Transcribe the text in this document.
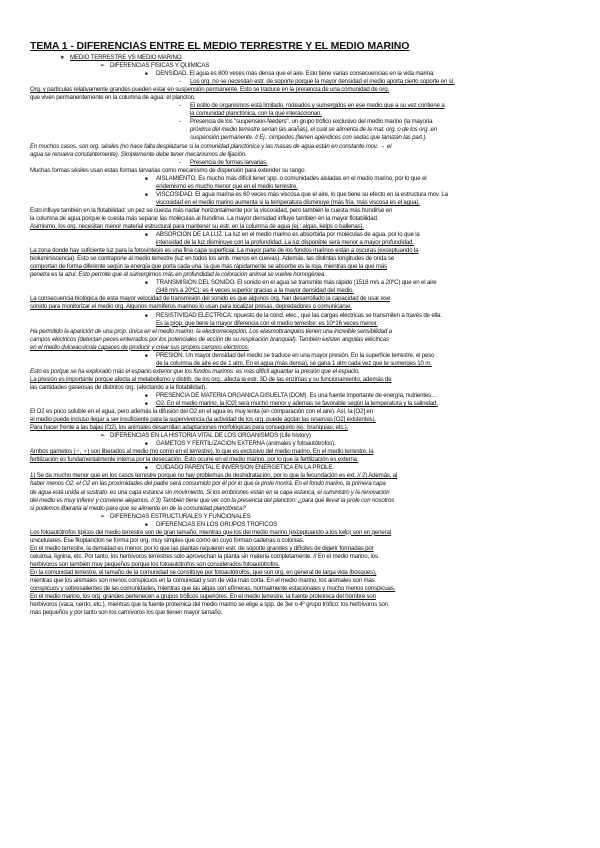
TEMA 1 - DIFERENCIAS ENTRE EL MEDIO TERRESTRE Y EL MEDIO MARINO
❖ MEDIO TERRESTRE VS MEDIO MARINO
➢ DIFERENCIAS FÍSICAS Y QUÍMICAS
■ DENSIDAD. El agua es 800 veces más densa que el aire. Esto tiene varias consecuencias en la vida marina:
- Los org. no se necesitan estr. de soporte porque la mayor densidad el medio aporta cierto soporte en sí.
Org. y partículas relativamente grandes pueden estar en suspensión permanente. Esto se traduce en la presencia de una comunidad de org.
que viven permanentemente en la columna de agua: el plancton.
- El estilo de organismos está limitado, rodeados y sumergidos en ese medio que a su vez contiene a
la comunidad planctónica, con la que interaccionan.
- Presencia de los "suspension-feeders", un grupo trófico exclusivo del medio marino (la mayoría
próxima del medio terrestre serían las arañas), el cual se alimenta de la mat. org. o de los org. en
suspensión permanente. // Ej.: cirripedos (tienen apéndices con sedas que tamizan las part.).
En muchos casos, son org. sésiles (no hace falta desplazarse si la comunidad planctónica y las masas de agua están en constante mov. → el
agua se renueva constantemente). Simplemente debe tener mecanismos de fijación.
- Presencia de formas larvarias.
Muchas formas sésiles usan estas formas larvarias como mecanismo de dispersión para extender su rango.
■ AISLAMIENTO. Es mucho más difícil tener spp. o comunidades aisladas en el medio marino, por lo que el
endemismo es mucho menor que en el medio terrestre.
■ VISCOSIDAD. El agua marina es 60 veces más viscosa que el aire, lo que tiene su efecto en la estructura mov. La
viscosidad en el medio marino aumenta si la temperatura disminuye (más fría, más viscosa es el agua).
Esto influye también en la flotabilidad: un pez se cuesta más nadar horizontalmente por la viscosidad, pero también le cuesta más hundirse en
la columna de agua porque le cuesta más separar las moléculas al hundirse. La mayor densidad influye también en la mayor flotabilidad.
Asimismo, los org. necesitan menor material estructural para mantener su estr. en la columna de agua (ej.: algas, kelps o ballenas).
■ ABSORCIÓN DE LA LUZ. La luz en el medio marino es absorbida por moléculas de agua, por lo que la
intensidad de la luz disminuye con la profundidad. La luz disponible será menor a mayor profundidad.
La zona donde hay suficiente luz para la fotosíntesis es una fina capa superficial. La mayor parte de los fondos marinos están a oscuras (exceptuando la
bioluminiscencia). Esto se contrapone al medio terrestre (luz en todos los amb. menos en cuevas). Además, las distintas longitudes de onda se
comportan de forma diferente según la energía que porta cada una: la que más rápidamente se absorbe es la roja, mientras que la que más
penetra es la azul. Esto permite que al sumergirnos más en profundidad la coloración animal se vuelve homogénea.
■ TRANSMISIÓN DEL SONIDO. El sonido en el agua se transmite más rápido (1518 m/s a 20ºC) que en el aire
(348 m/s a 20ºC): es 4 veces superior gracias a la mayor densidad del medio.
La consecuencia biológica de esta mayor velocidad de transmisión del sonido es que algunos org. han desarrollado la capacidad de usar ese
sonido para monitorizar el medio org. Algunos mamíferos marinos lo usan para localizar presas, depredadores o comunicarse.
■ RESISTIVIDAD ELÉCTRICA: opuesto de la cond. elec., que las cargas eléctricas se transmiten a través de ella.
Es la prop. que tiene la mayor diferencia con el medio terrestre: es 10^16 veces menor.
Ha permitido la aparición de una prop. única en el medio marino: la electrorrecepción. Los elasmobranquios tienen una increíble sensibilidad a
campos eléctricos (detectan peces enterrados por los potenciales de acción de su respiración branquial). También existen anguilas eléctricas
en el medio dulceacuícola capaces de producir y crear sus propios campos eléctricos.
■ PRESIÓN. Un mayor densidad del medio se traduce en una mayor presión. En la superficie terrestre, el peso
de la columna de aire es de 1 atm. En el agua (más densa), se gana 1 atm cada vez que te sumerges 10 m.
Esto es porque se ha explorado más el espacio exterior que los fondos marinos: es más difícil aguantar la presión que el espacio.
La presión es importante porque afecta al metabolismo y distrib. de los org.: afecta la estr. 3D de las enzimas y su funcionamiento, además de
las cantidades gaseosas de distintos org. (afectando a la flotabilidad).
■ PRESENCIA DE MATERIA ORGÁNICA DISUELTA (DOM). Es una fuente importante de energía, nutrientes…
■ O2. En el medio marino, la [O2] será mucho menor y además se favorable según la temperatura y la salinidad.
El O2 es poco soluble en el agua, pero además la difusión del O2 en el agua es muy lenta (en comparación con el aire). Así, la [O2] en
el medio puede incluso llegar a ser insuficiente para la supervivencia (la actividad de los org. puede agotar las reservas [O2] existentes).
Para hacer frente a las bajas [O2], los animales desarrollan adaptaciones morfológicas para conseguirlo (ej.: branquias, etc.).
➢ DIFERENCIAS EN LA HISTORIA VITAL DE LOS ORGANISMOS (Life history)
■ GAMETOS Y FERTILIZACIÓN EXTERNA (animales y fotoautótrofos).
Ambos gametos (♂, ♀) son liberados al medio (no como en el terrestre), lo que es exclusivo del medio marino. En el medio terrestre, la
fertilización es fundamentalmente interna por la desecación. Esto ocurre en el medio marino, por lo que la fertilización es externa.
■ CUIDADO PARENTAL E INVERSIÓN ENERGÉTICA EN LA PROLE.
1) Se da mucho menor que en los casos terrestre porque no hay problemas de deshidratación, por lo que la fecundación es ext. // 2) Además, al
haber menos O2, el O2 en las proximidades del padre será consumido por él por lo que la prole morirá. En el fondo marino, la primera capa
de agua está unida al sustrato: es una capa estanca sin movimiento. Si los embriones están en la capa estanca, el suministro y la renovación
del medio es muy inferior y conviene alejarnos. // 3) También tiene que ver con la presencia del plancton: ¿para qué llevar la prole con nosotros
si podemos liberarla al medio para que se alimente en de la comunidad planctónica?
➢ DIFERENCIAS ESTRUCTURALES Y FUNCIONALES
■ DIFERENCIAS EN LOS GRUPOS TRÓFICOS
Los fotoautótrofos típicos del medio terrestre son de gran tamaño, mientras que los del medio marino (exceptuando a los kelp) son en general
unicelulares. Ese fitoplancton se forma por org. muy simples que como en cuyo forman cadenas o colonias.
En el medio terrestre, la densidad es menor, por lo que las plantas requieren estr. de soporte grandes y difíciles de digerir formadas por
celulosa, lignina, etc. Por tanto, los herbívoros terrestres sólo aprovechan la planta sin materia completamente. // En el medio marino, los
herbívoros son también muy pequeños porque los fotoautótrofos son considerados fotoautótrofos.
En la comunidad terrestre, el tamaño de la comunidad se constituye por fotoautótrofos, que son org. en general de larga vida (bosques),
mientras que los animales son menos conspicuos en la comunidad y son de vida más corta. En el medio marino, los animales son más
conspicuos y sobresalientes de las comunidades, mientras que las algas son efímeras, normalmente estacionales y mucho menos conspicuas.
En el medio marino, los org. grandes pertenecen a grupos tróficos superiores. En el medio terrestre, la fuente proteínica del hombre son
herbívoros (vaca, cerdo, etc.), mientras que la fuente proteínica del medio marino se elige a spp. de 3er o 4º grupo trófico: los herbívoros son
más pequeños y por tanto son los carnívoros los que tienen mayor tamaño.
